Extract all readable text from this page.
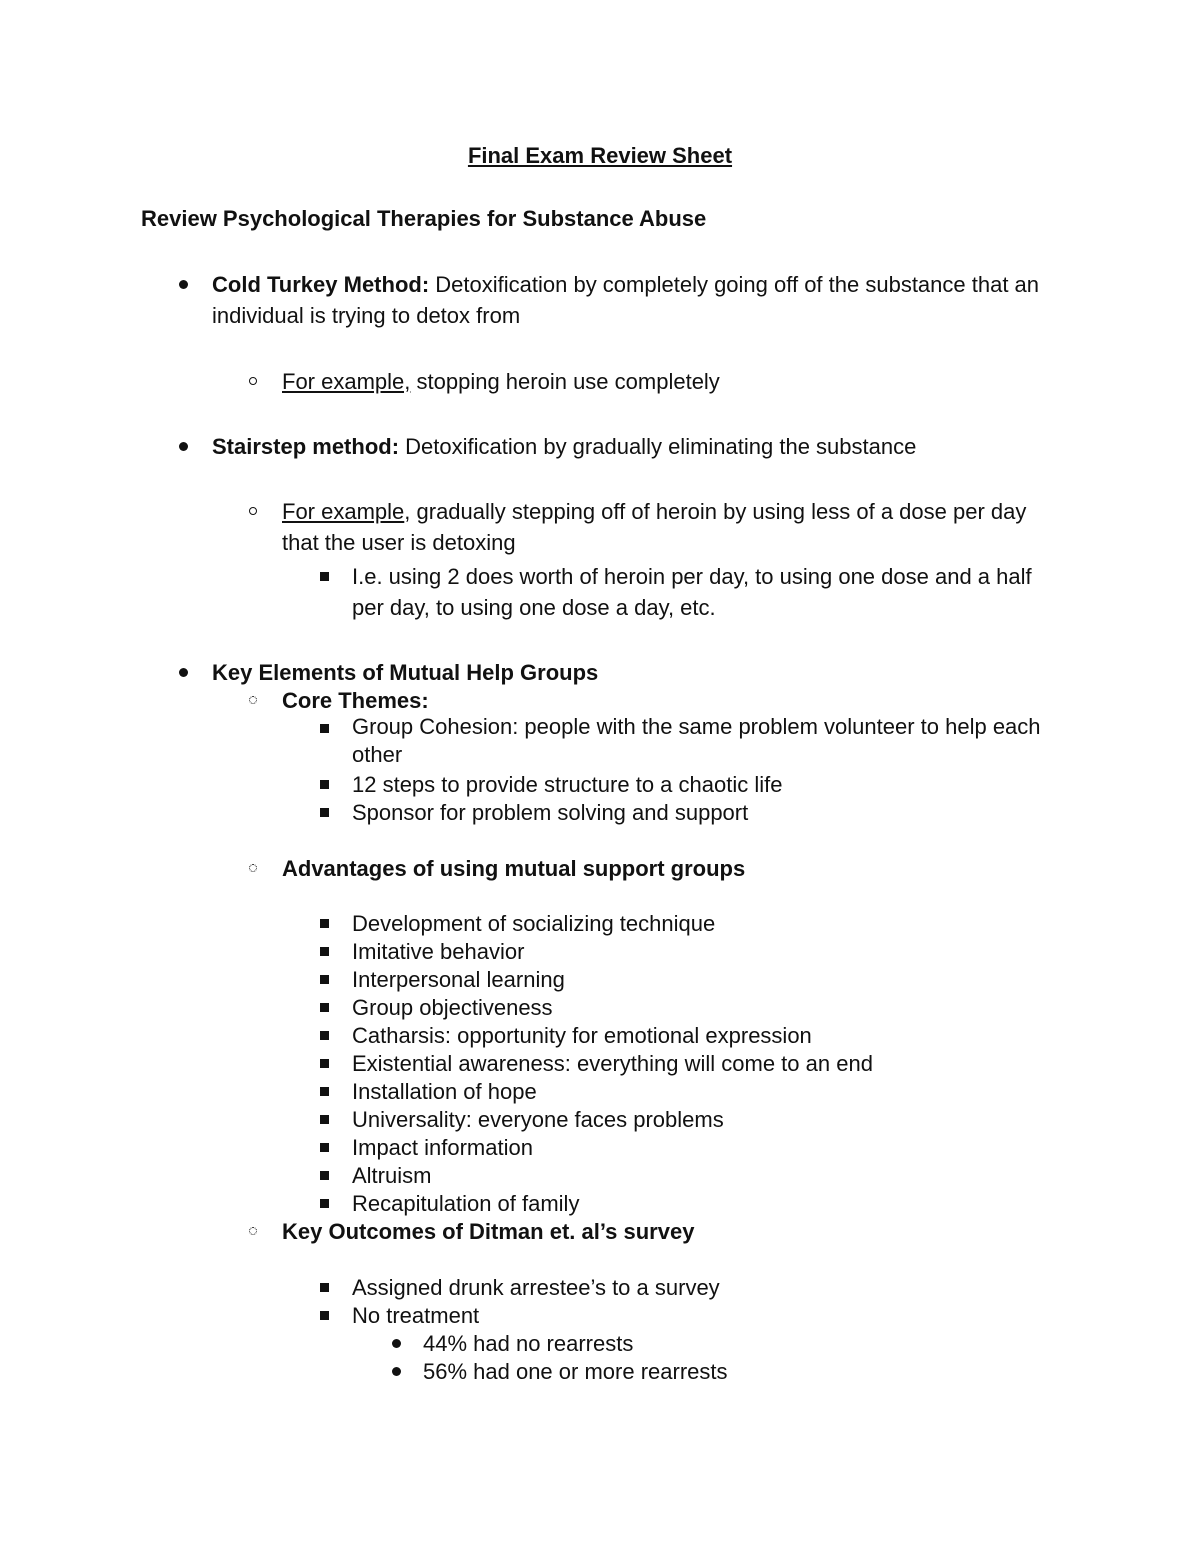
Final Exam Review Sheet
Review Psychological Therapies for Substance Abuse
Cold Turkey Method: Detoxification by completely going off of the substance that an individual is trying to detox from
For example, stopping heroin use completely
Stairstep method: Detoxification by gradually eliminating the substance
For example, gradually stepping off of heroin by using less of a dose per day that the user is detoxing
I.e. using 2 does worth of heroin per day, to using one dose and a half per day, to using one dose a day, etc.
Key Elements of Mutual Help Groups
Core Themes:
Group Cohesion: people with the same problem volunteer to help each other
12 steps to provide structure to a chaotic life
Sponsor for problem solving and support
Advantages of using mutual support groups
Development of socializing technique
Imitative behavior
Interpersonal learning
Group objectiveness
Catharsis: opportunity for emotional expression
Existential awareness: everything will come to an end
Installation of hope
Universality: everyone faces problems
Impact information
Altruism
Recapitulation of family
Key Outcomes of Ditman et. al’s survey
Assigned drunk arrestee’s to a survey
No treatment
44% had no rearrests
56% had one or more rearrests
